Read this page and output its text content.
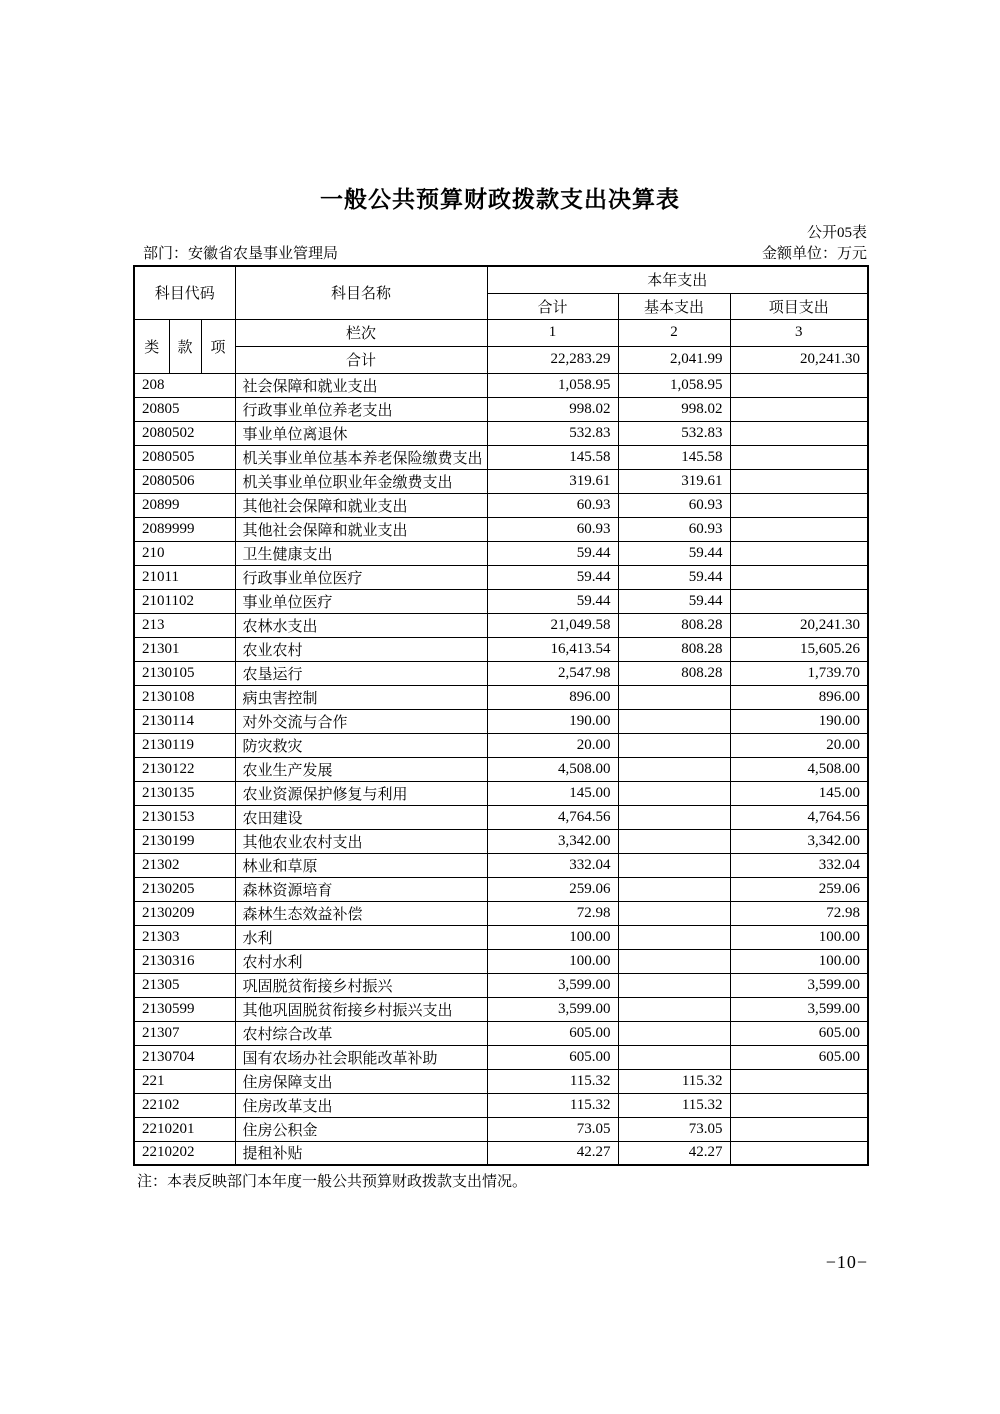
一般公共预算财政拨款支出决算表
公开05表
部门：安徽省农垦事业管理局	金额单位：万元
科目代码			科目名称	本年支出		
				合计	基本支出	项目支出
类	款	项	栏次	1	2	3
			合计	22,283.29	2,041.99	20,241.30
208			社会保障和就业支出	1,058.95	1,058.95	
20805			行政事业单位养老支出	998.02	998.02	
2080502			事业单位离退休	532.83	532.83	
2080505			机关事业单位基本养老保险缴费支出	145.58	145.58	
2080506			机关事业单位职业年金缴费支出	319.61	319.61	
20899			其他社会保障和就业支出	60.93	60.93	
2089999			其他社会保障和就业支出	60.93	60.93	
210			卫生健康支出	59.44	59.44	
21011			行政事业单位医疗	59.44	59.44	
2101102			事业单位医疗	59.44	59.44	
213			农林水支出	21,049.58	808.28	20,241.30
21301			农业农村	16,413.54	808.28	15,605.26
2130105			农垦运行	2,547.98	808.28	1,739.70
2130108			病虫害控制	896.00		896.00
2130114			对外交流与合作	190.00		190.00
2130119			防灾救灾	20.00		20.00
2130122			农业生产发展	4,508.00		4,508.00
2130135			农业资源保护修复与利用	145.00		145.00
2130153			农田建设	4,764.56		4,764.56
2130199			其他农业农村支出	3,342.00		3,342.00
21302			林业和草原	332.04		332.04
2130205			森林资源培育	259.06		259.06
2130209			森林生态效益补偿	72.98		72.98
21303			水利	100.00		100.00
2130316			农村水利	100.00		100.00
21305			巩固脱贫衔接乡村振兴	3,599.00		3,599.00
2130599			其他巩固脱贫衔接乡村振兴支出	3,599.00		3,599.00
21307			农村综合改革	605.00		605.00
2130704			国有农场办社会职能改革补助	605.00		605.00
221			住房保障支出	115.32	115.32	
22102			住房改革支出	115.32	115.32	
2210201			住房公积金	73.05	73.05	
2210202			提租补贴	42.27	42.27	
注：本表反映部门本年度一般公共预算财政拨款支出情况。
−10−
